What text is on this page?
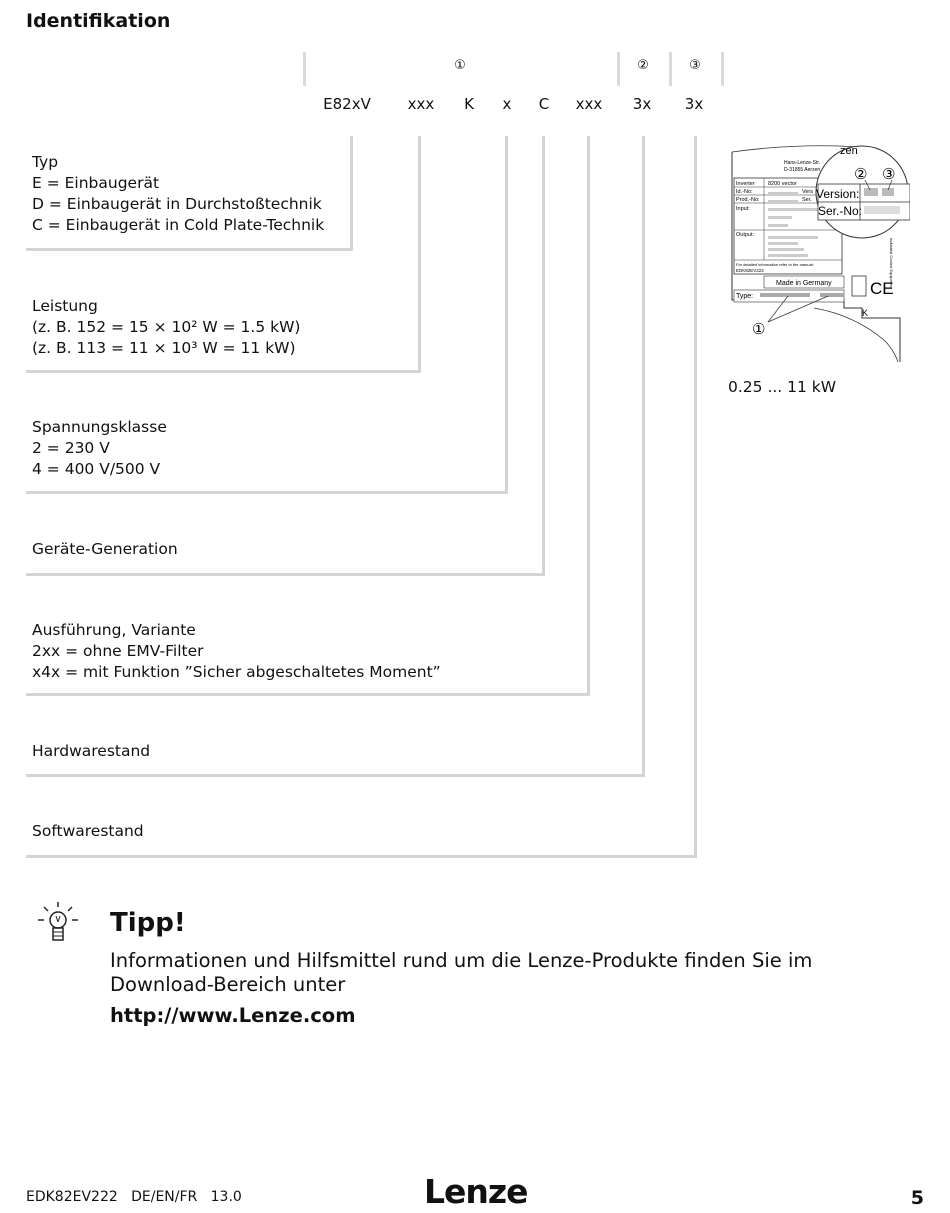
Identifikation
①	②	③
E82xV	xxx	K	x	C	xxx	3x	3x
Typ
E = Einbaugerät
D = Einbaugerät in Durchstoßtechnik
C = Einbaugerät in Cold Plate-Technik
Leistung
(z. B. 152 = 15 × 10² W = 1.5 kW)
(z. B. 113 = 11 × 10³ W = 11 kW)
Spannungsklasse
2 = 230 V
4 = 400 V/500 V
Geräte-Generation
Ausführung, Variante
2xx = ohne EMV-Filter
x4x = mit Funktion ”Sicher abgeschaltetes Moment”
Hardwarestand
Softwarestand
Hans-Lenze-Str.
D-31855 Aerzen
Inverter 8200 vector
Id.-No:	Vers
Prod.-No:	Ser.
Input:
Output:
For detailed information refer to the manual:
EDK82EV222
Made in Germany
Type:	CE
Industrial Control Equipment
zen
Version:
Ser.-No:
② ③
①
K
0.25 ... 11 kW
Tipp!
Informationen und Hilfsmittel rund um die Lenze-Produkte finden Sie im Download-Bereich unter
http://www.Lenze.com
EDK82EV222   DE/EN/FR   13.0	Lenze	5
